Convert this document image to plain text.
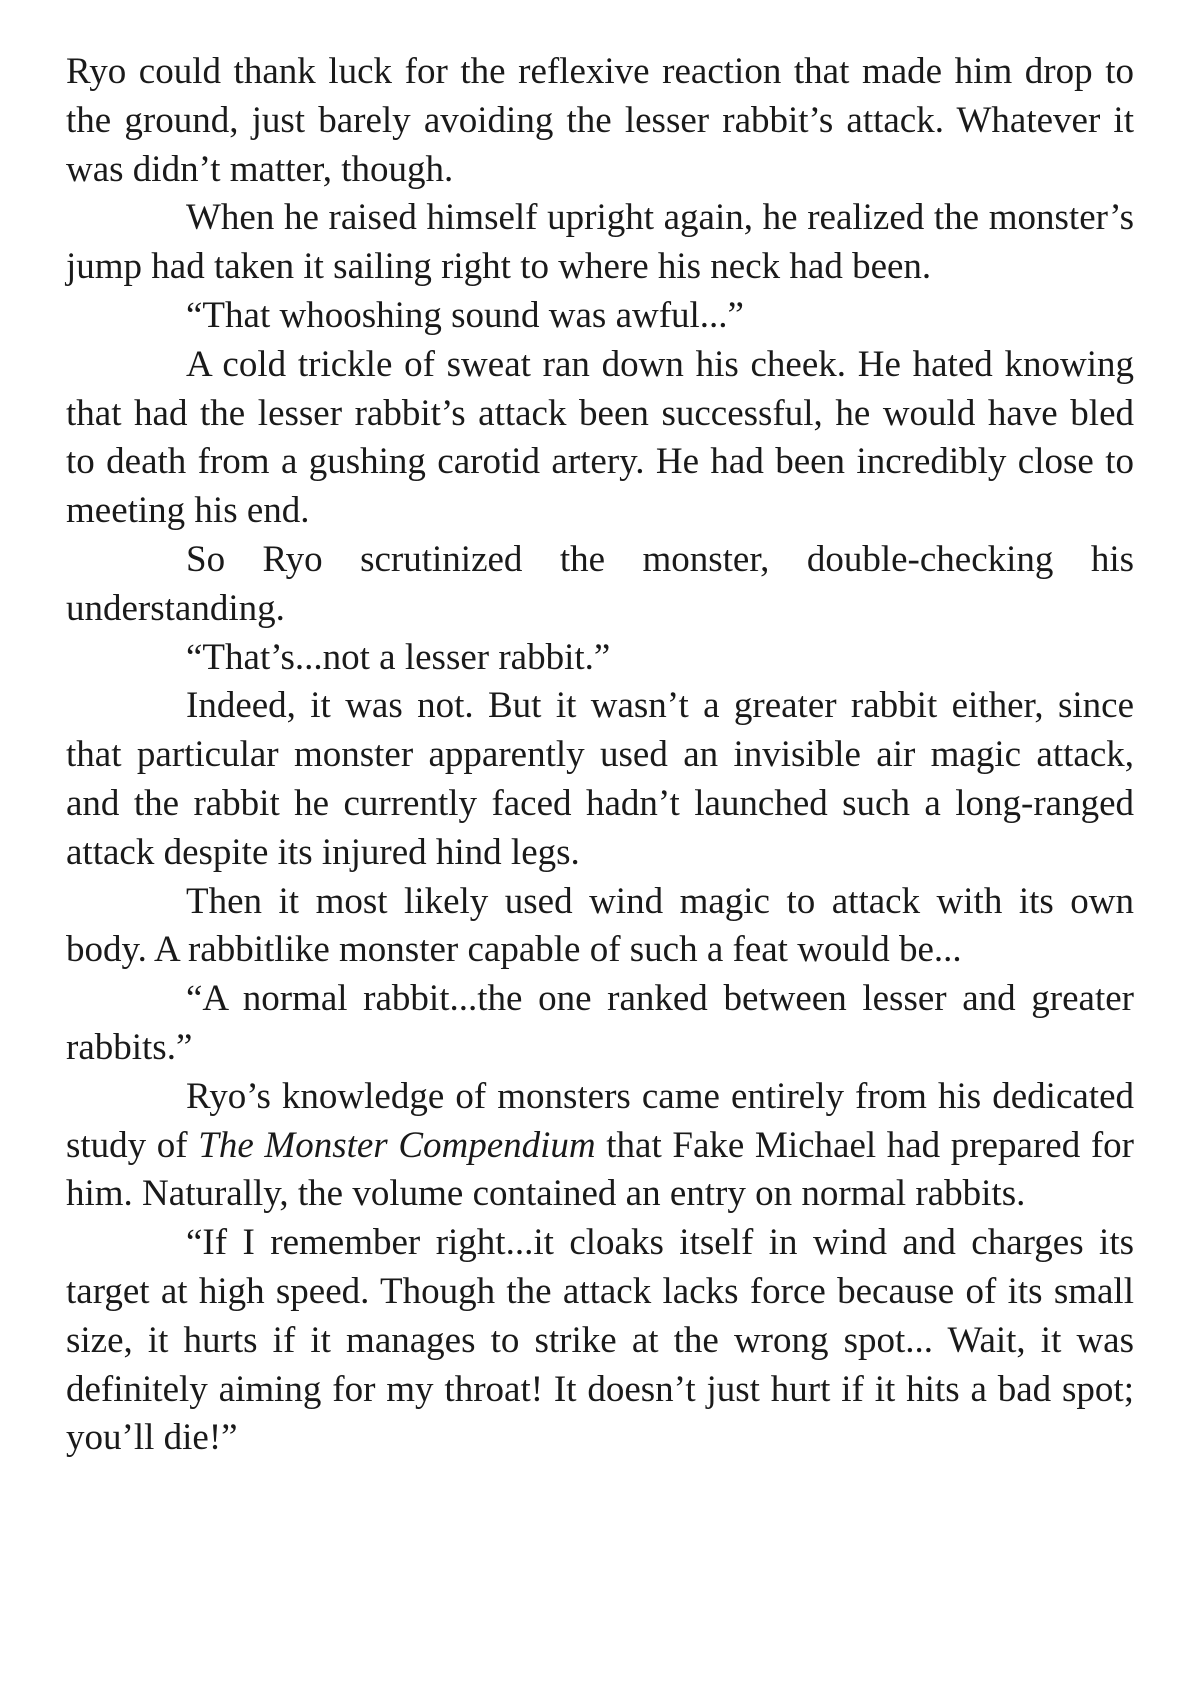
Ryo could thank luck for the reflexive reaction that made him drop to the ground, just barely avoiding the lesser rabbit’s attack. Whatever it was didn’t matter, though.

When he raised himself upright again, he realized the monster’s jump had taken it sailing right to where his neck had been.

“That whooshing sound was awful...”

A cold trickle of sweat ran down his cheek. He hated knowing that had the lesser rabbit’s attack been successful, he would have bled to death from a gushing carotid artery. He had been incredibly close to meeting his end.

So Ryo scrutinized the monster, double-checking his understanding.

“That’s...not a lesser rabbit.”

Indeed, it was not. But it wasn’t a greater rabbit either, since that particular monster apparently used an invisible air magic attack, and the rabbit he currently faced hadn’t launched such a long-ranged attack despite its injured hind legs.

Then it most likely used wind magic to attack with its own body. A rabbitlike monster capable of such a feat would be...

“A normal rabbit...the one ranked between lesser and greater rabbits.”

Ryo’s knowledge of monsters came entirely from his dedicated study of The Monster Compendium that Fake Michael had prepared for him. Naturally, the volume contained an entry on normal rabbits.

“If I remember right...it cloaks itself in wind and charges its target at high speed. Though the attack lacks force because of its small size, it hurts if it manages to strike at the wrong spot... Wait, it was definitely aiming for my throat! It doesn’t just hurt if it hits a bad spot; you’ll die!”
